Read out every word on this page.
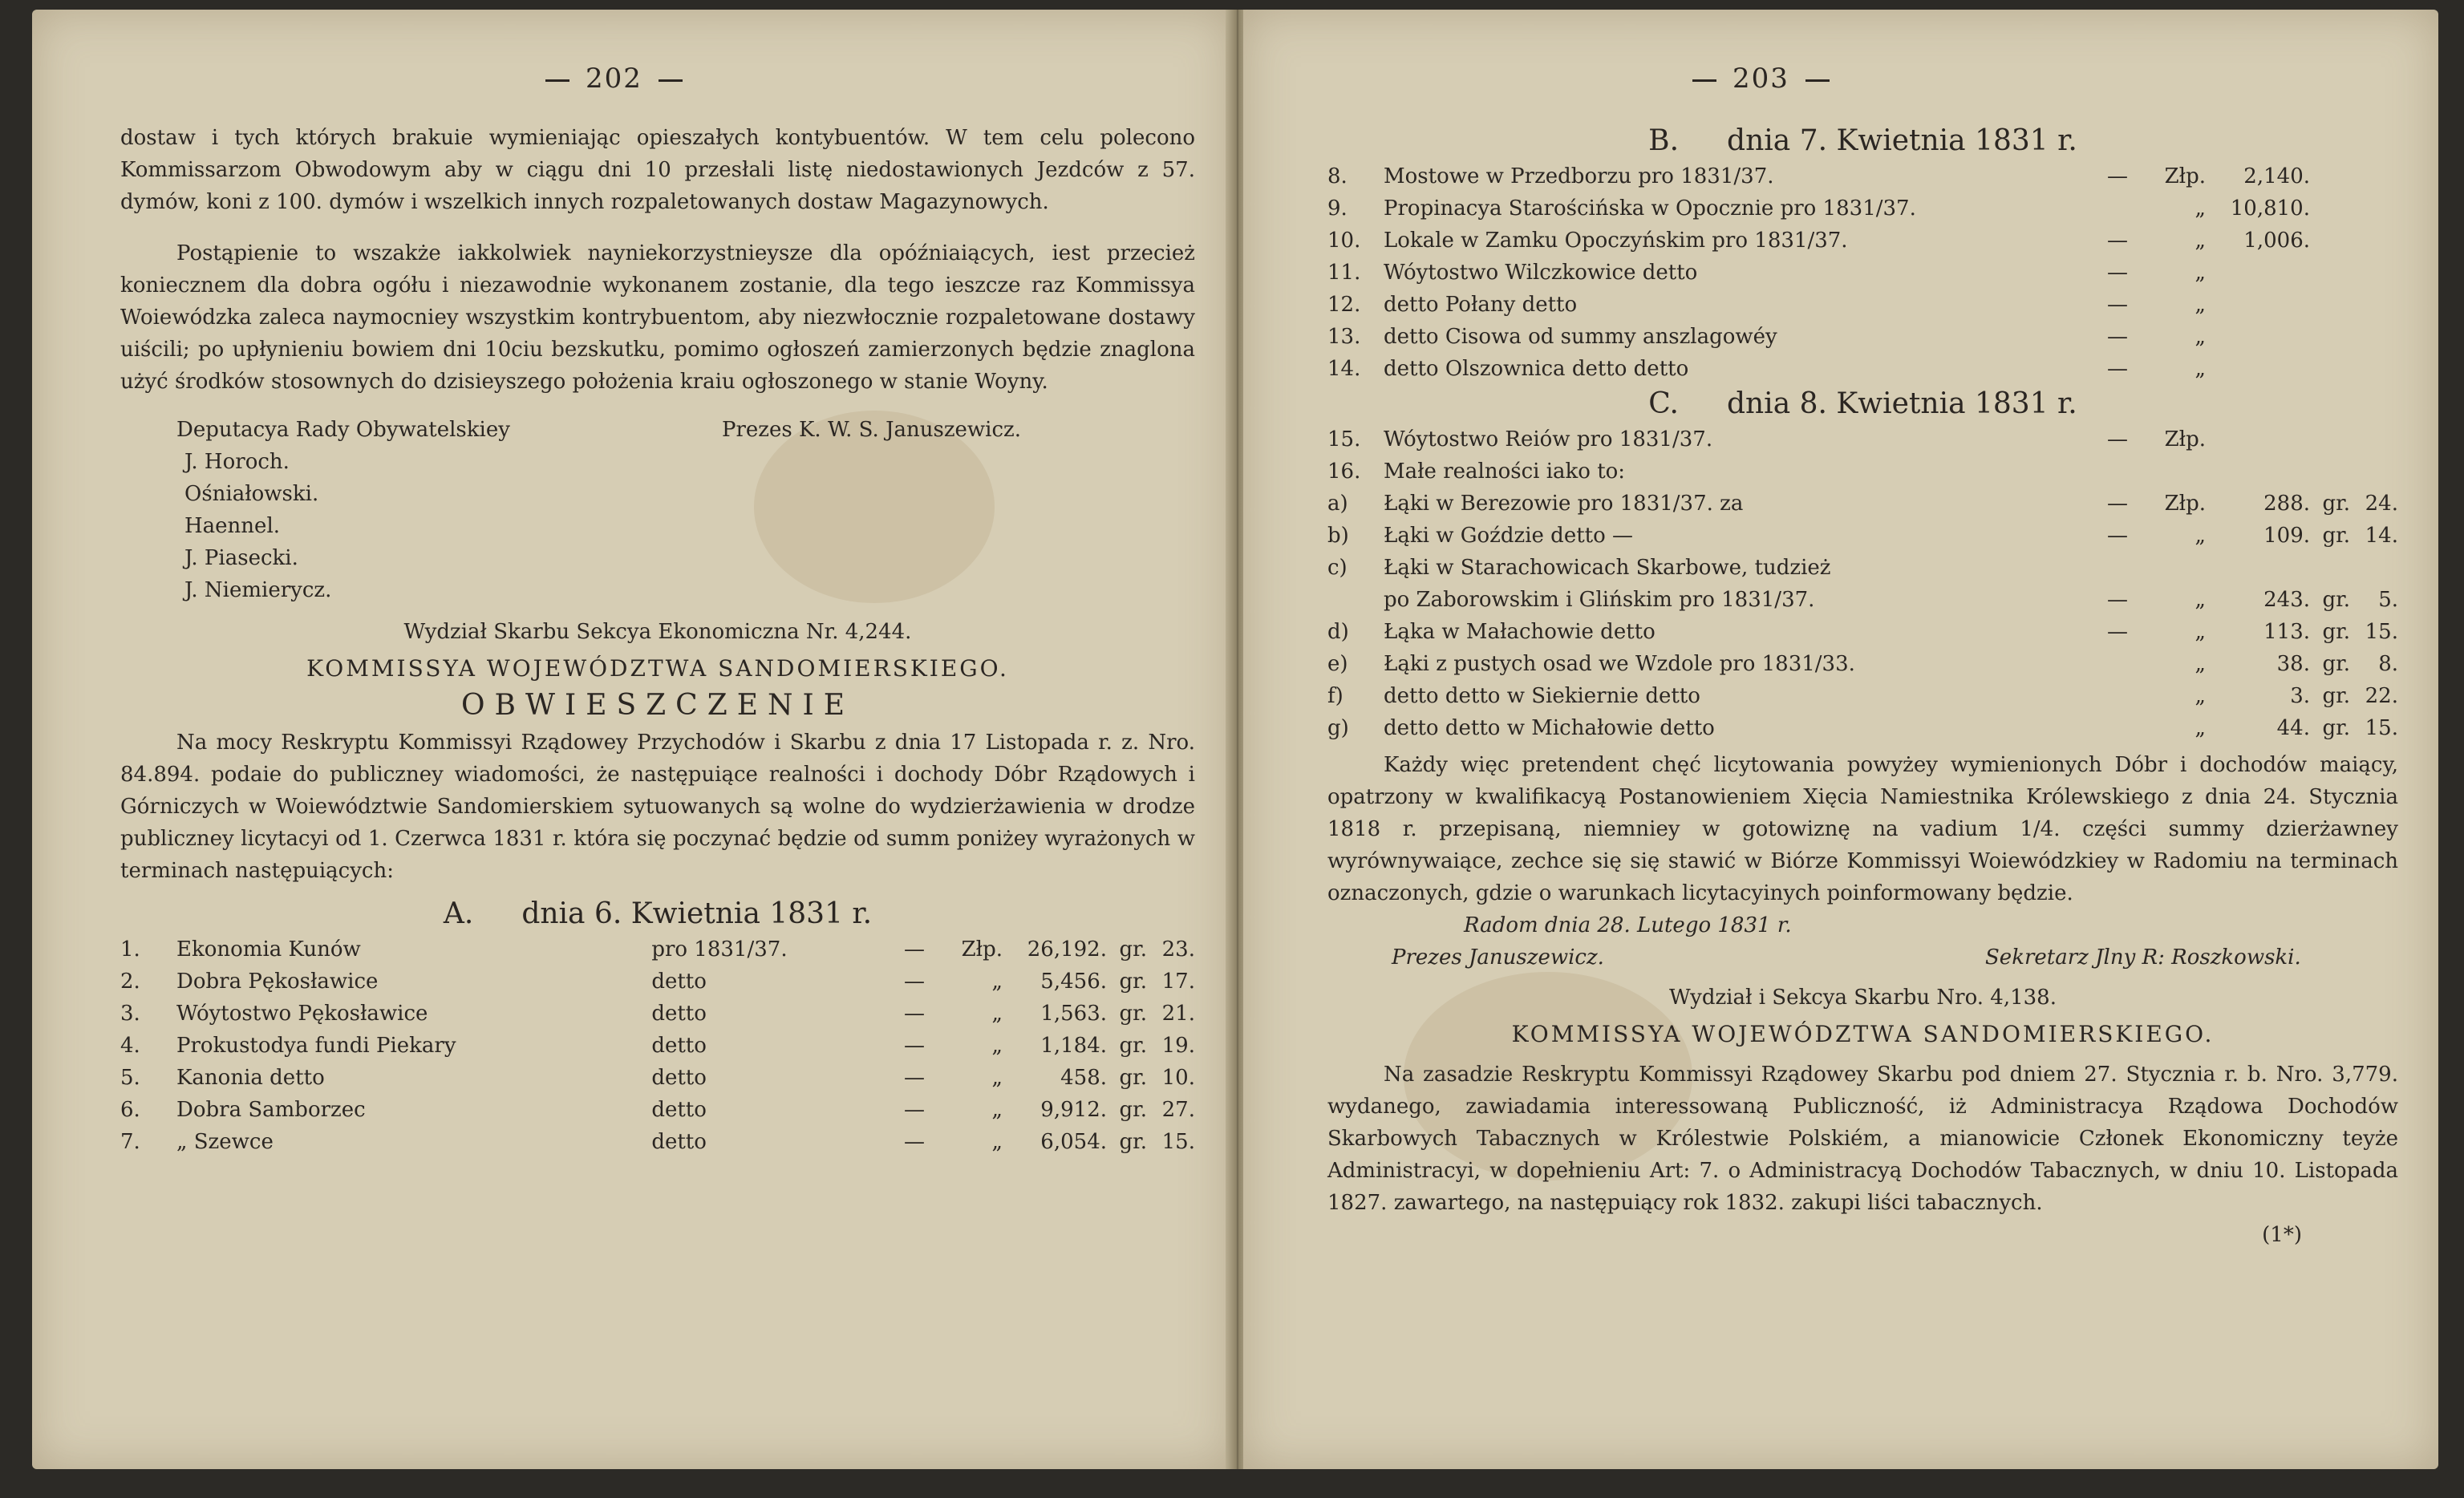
202

dostaw i tych których brakuie wymieniając opieszałych kontybuentów. W tem celu polecono Kommissarzom Obwodowym aby w ciągu dni 10 przesłali listę niedostawionych Jezdców z 57. dymów, koni z 100. dymów i wszelkich innych rozpaletowanych dostaw Magazynowych.

Postąpienie to wszakże iakkolwiek nayniekorzystnieysze dla opóźniaiących, iest przecież koniecznem dla dobra ogółu i niezawodnie wykonanem zostanie, dla tego ieszcze raz Kommissya Woiewódzka zaleca naymocniey wszystkim kontrybuentom, aby niezwłocznie rozpaletowane dostawy uiścili; po upłynieniu bowiem dni 10ciu bezskutku, pomimo ogłoszeń zamierzonych będzie znaglona użyć środków stosownych do dzisieyszego położenia kraiu ogłoszonego w stanie Woyny.

Deputacya Rady Obywatelskiey	Prezes K. W. S. Januszewicz.
J. Horoch.
Ośniałowski.
Haennel.
J. Piasecki.
J. Niemierycz.

Wydział Skarbu Sekcya Ekonomiczna Nr. 4,244.

KOMMISSYA WOJEWÓDZTWA SANDOMIERSKIEGO.

OBWIESZCZENIE

Na mocy Reskryptu Kommissyi Rządowey Przychodów i Skarbu z dnia 17 Listopada r. z. Nro. 84.894. podaie do publiczney wiadomości, że następuiące realności i dochody Dóbr Rządowych i Górniczych w Woiewództwie Sandomierskiem sytuowanych są wolne do wydzierżawienia w drodze publiczney licytacyi od 1. Czerwca 1831 r. która się poczynać będzie od summ poniżey wyrażonych w terminach następuiących:

A. dnia 6. Kwietnia 1831 r.
1.	Ekonomia Kunów	pro 1831/37.	—	Złp.	26,192.	gr.	23.
2.	Dobra Pękosławice	detto	—	„	5,456.	gr.	17.
3.	Wóytostwo Pękosławice	detto	—	„	1,563.	gr.	21.
4.	Prokustodya fundi Piekary	detto	—	„	1,184.	gr.	19.
5.	Kanonia detto	detto	—	„	458.	gr.	10.
6.	Dobra Samborzec	detto	—	„	9,912.	gr.	27.
7.	„ Szewce	detto	—	„	6,054.	gr.	15.
203
B. dnia 7. Kwietnia 1831 r.
8.	Mostowe w Przedborzu pro 1831/37.	—	Złp.	2,140.		
9.	Propinacya Starościńska w Opocznie pro 1831/37.		„	10,810.		
10.	Lokale w Zamku Opoczyńskim pro 1831/37.	—	„	1,006.		
11.	Wóytostwo Wilczkowice detto	—	„			
12.	detto Połany detto	—	„			
13.	detto Cisowa od summy anszlagowéy	—	„			
14.	detto Olszownica detto detto	—	„			
C. dnia 8. Kwietnia 1831 r.
15.	Wóytostwo Reiów pro 1831/37.	—	Złp.			
16.	Małe realności iako to:					
a)	Łąki w Berezowie pro 1831/37. za	—	Złp.	288.	gr.	24.
b)	Łąki w Goździe detto —	—	„	109.	gr.	14.
c)	Łąki w Starachowicach Skarbowe, tudzież					
	po Zaborowskim i Glińskim pro 1831/37.	—	„	243.	gr.	5.
d)	Łąka w Małachowie detto	—	„	113.	gr.	15.
e)	Łąki z pustych osad we Wzdole pro 1831/33.		„	38.	gr.	8.
f)	detto detto w Siekiernie detto		„	3.	gr.	22.
g)	detto detto w Michałowie detto		„	44.	gr.	15.

Każdy więc pretendent chęć licytowania powyżey wymienionych Dóbr i dochodów maiący, opatrzony w kwalifikacyą Postanowieniem Xięcia Namiestnika Królewskiego z dnia 24. Stycznia 1818 r. przepisaną, niemniey w gotowiznę na vadium 1/4. części summy dzierżawney wyrównywaiące, zechce się się stawić w Biórze Kommissyi Woiewódzkiey w Radomiu na terminach oznaczonych, gdzie o warunkach licytacyinych poinformowany będzie.

Radom dnia 28. Lutego 1831 r.

Prezes Januszewicz.	Sekretarz Jlny R: Roszkowski.

Wydział i Sekcya Skarbu Nro. 4,138.

KOMMISSYA WOJEWÓDZTWA SANDOMIERSKIEGO.

Na zasadzie Reskryptu Kommissyi Rządowey Skarbu pod dniem 27. Stycznia r. b. Nro. 3,779. wydanego, zawiadamia interessowaną Publiczność, iż Administracya Rządowa Dochodów Skarbowych Tabacznych w Królestwie Polskiém, a mianowicie Członek Ekonomiczny teyże Administracyi, w dopełnieniu Art: 7. o Administracyą Dochodów Tabacznych, w dniu 10. Listopada 1827. zawartego, na następuiący rok 1832. zakupi liści tabacznych.

(1*)
